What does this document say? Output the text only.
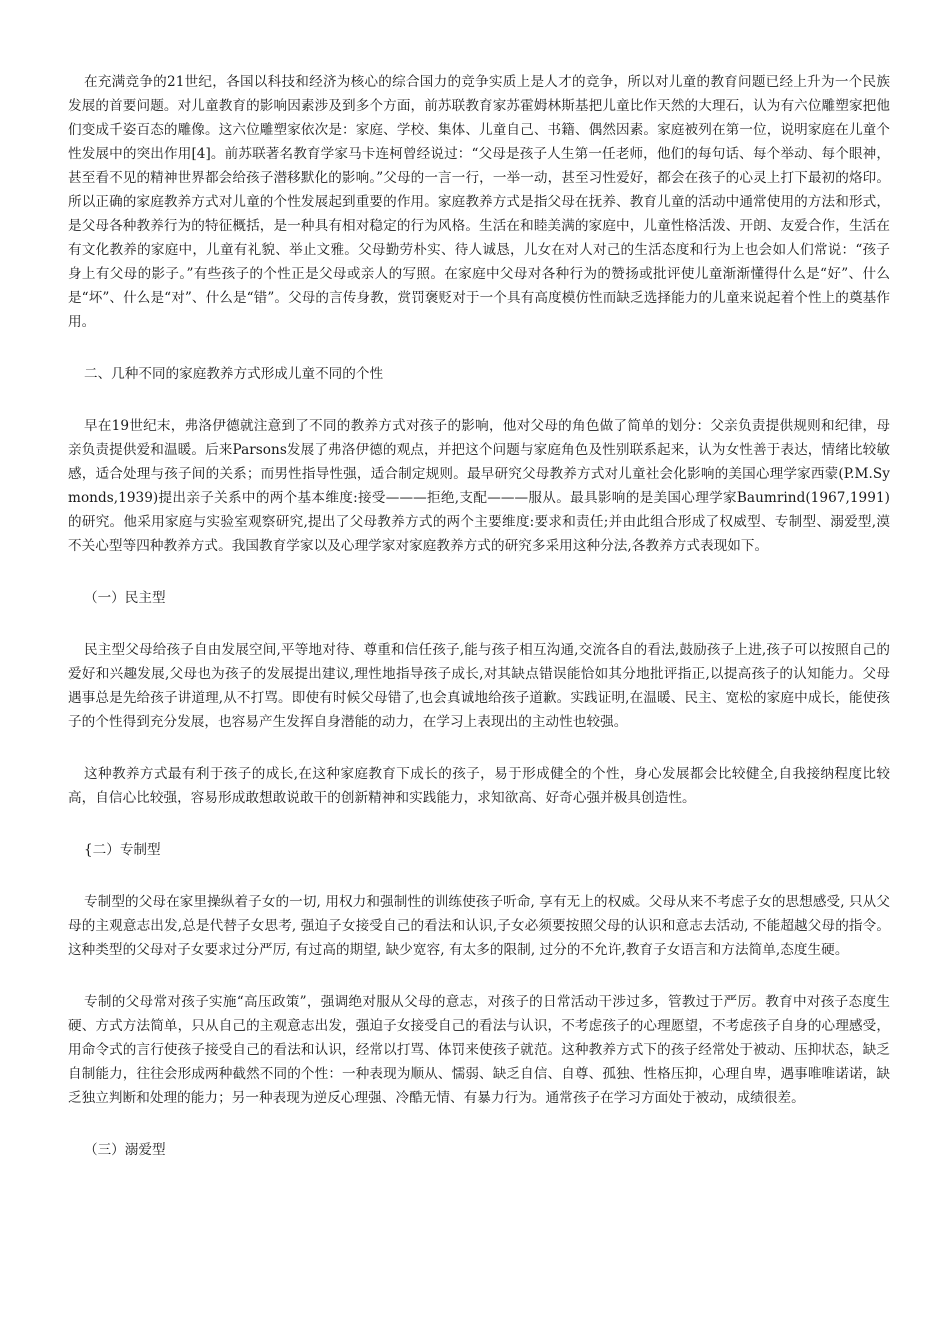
在充满竞争的21世纪，各国以科技和经济为核心的综合国力的竞争实质上是人才的竞争，所以对儿童的教育问题已经上升为一个民族发展的首要问题。对儿童教育的影响因素涉及到多个方面，前苏联教育家苏霍姆林斯基把儿童比作天然的大理石，认为有六位雕塑家把他们变成千姿百态的雕像。这六位雕塑家依次是：家庭、学校、集体、儿童自己、书籍、偶然因素。家庭被列在第一位，说明家庭在儿童个性发展中的突出作用[4]。前苏联著名教育学家马卡连柯曾经说过：“父母是孩子人生第一任老师，他们的每句话、每个举动、每个眼神，甚至看不见的精神世界都会给孩子潜移默化的影响。”父母的一言一行，一举一动，甚至习性爱好，都会在孩子的心灵上打下最初的烙印。所以正确的家庭教养方式对儿童的个性发展起到重要的作用。家庭教养方式是指父母在抚养、教育儿童的活动中通常使用的方法和形式，是父母各种教养行为的特征概括，是一种具有相对稳定的行为风格。生活在和睦美满的家庭中，儿童性格活泼、开朗、友爱合作，生活在有文化教养的家庭中，儿童有礼貌、举止文雅。父母勤劳朴实、待人诚恳，儿女在对人对己的生活态度和行为上也会如人们常说：“孩子身上有父母的影子。”有些孩子的个性正是父母或亲人的写照。在家庭中父母对各种行为的赞扬或批评使儿童渐渐懂得什么是“好”、什么是“坏”、什么是“对”、什么是“错”。父母的言传身教，赏罚褒贬对于一个具有高度模仿性而缺乏选择能力的儿童来说起着个性上的奠基作用。

二、几种不同的家庭教养方式形成儿童不同的个性

早在19世纪末，弗洛伊德就注意到了不同的教养方式对孩子的影响，他对父母的角色做了简单的划分：父亲负责提供规则和纪律，母亲负责提供爱和温暖。后来Parsons发展了弗洛伊德的观点，并把这个问题与家庭角色及性别联系起来，认为女性善于表达，情绪比较敏感，适合处理与孩子间的关系；而男性指导性强，适合制定规则。最早研究父母教养方式对儿童社会化影响的美国心理学家西蒙(P.M.Symonds,1939)提出亲子关系中的两个基本维度:接受———拒绝,支配———服从。最具影响的是美国心理学家Baumrind(1967,1991)的研究。他采用家庭与实验室观察研究,提出了父母教养方式的两个主要维度:要求和责任;并由此组合形成了权威型、专制型、溺爱型,漠不关心型等四种教养方式。我国教育学家以及心理学家对家庭教养方式的研究多采用这种分法,各教养方式表现如下。

（一）民主型

民主型父母给孩子自由发展空间,平等地对待、尊重和信任孩子,能与孩子相互沟通,交流各自的看法,鼓励孩子上进,孩子可以按照自己的爱好和兴趣发展,父母也为孩子的发展提出建议,理性地指导孩子成长,对其缺点错误能恰如其分地批评指正,以提高孩子的认知能力。父母遇事总是先给孩子讲道理,从不打骂。即使有时候父母错了,也会真诚地给孩子道歉。实践证明,在温暖、民主、宽松的家庭中成长，能使孩子的个性得到充分发展，也容易产生发挥自身潜能的动力，在学习上表现出的主动性也较强。

这种教养方式最有利于孩子的成长,在这种家庭教育下成长的孩子，易于形成健全的个性，身心发展都会比较健全,自我接纳程度比较高，自信心比较强，容易形成敢想敢说敢干的创新精神和实践能力，求知欲高、好奇心强并极具创造性。

{二）专制型

专制型的父母在家里操纵着子女的一切, 用权力和强制性的训练使孩子听命, 享有无上的权威。父母从来不考虑子女的思想感受, 只从父母的主观意志出发,总是代替子女思考, 强迫子女接受自己的看法和认识,子女必须要按照父母的认识和意志去活动, 不能超越父母的指令。这种类型的父母对子女要求过分严厉, 有过高的期望, 缺少宽容, 有太多的限制, 过分的不允许,教育子女语言和方法简单,态度生硬。

专制的父母常对孩子实施“高压政策”，强调绝对服从父母的意志，对孩子的日常活动干涉过多，管教过于严厉。教育中对孩子态度生硬、方式方法简单，只从自己的主观意志出发，强迫子女接受自己的看法与认识，不考虑孩子的心理愿望，不考虑孩子自身的心理感受，用命令式的言行使孩子接受自己的看法和认识，经常以打骂、体罚来使孩子就范。这种教养方式下的孩子经常处于被动、压抑状态，缺乏自制能力，往往会形成两种截然不同的个性：一种表现为顺从、懦弱、缺乏自信、自尊、孤独、性格压抑，心理自卑，遇事唯唯诺诺，缺乏独立判断和处理的能力；另一种表现为逆反心理强、冷酷无情、有暴力行为。通常孩子在学习方面处于被动，成绩很差。

（三）溺爱型
